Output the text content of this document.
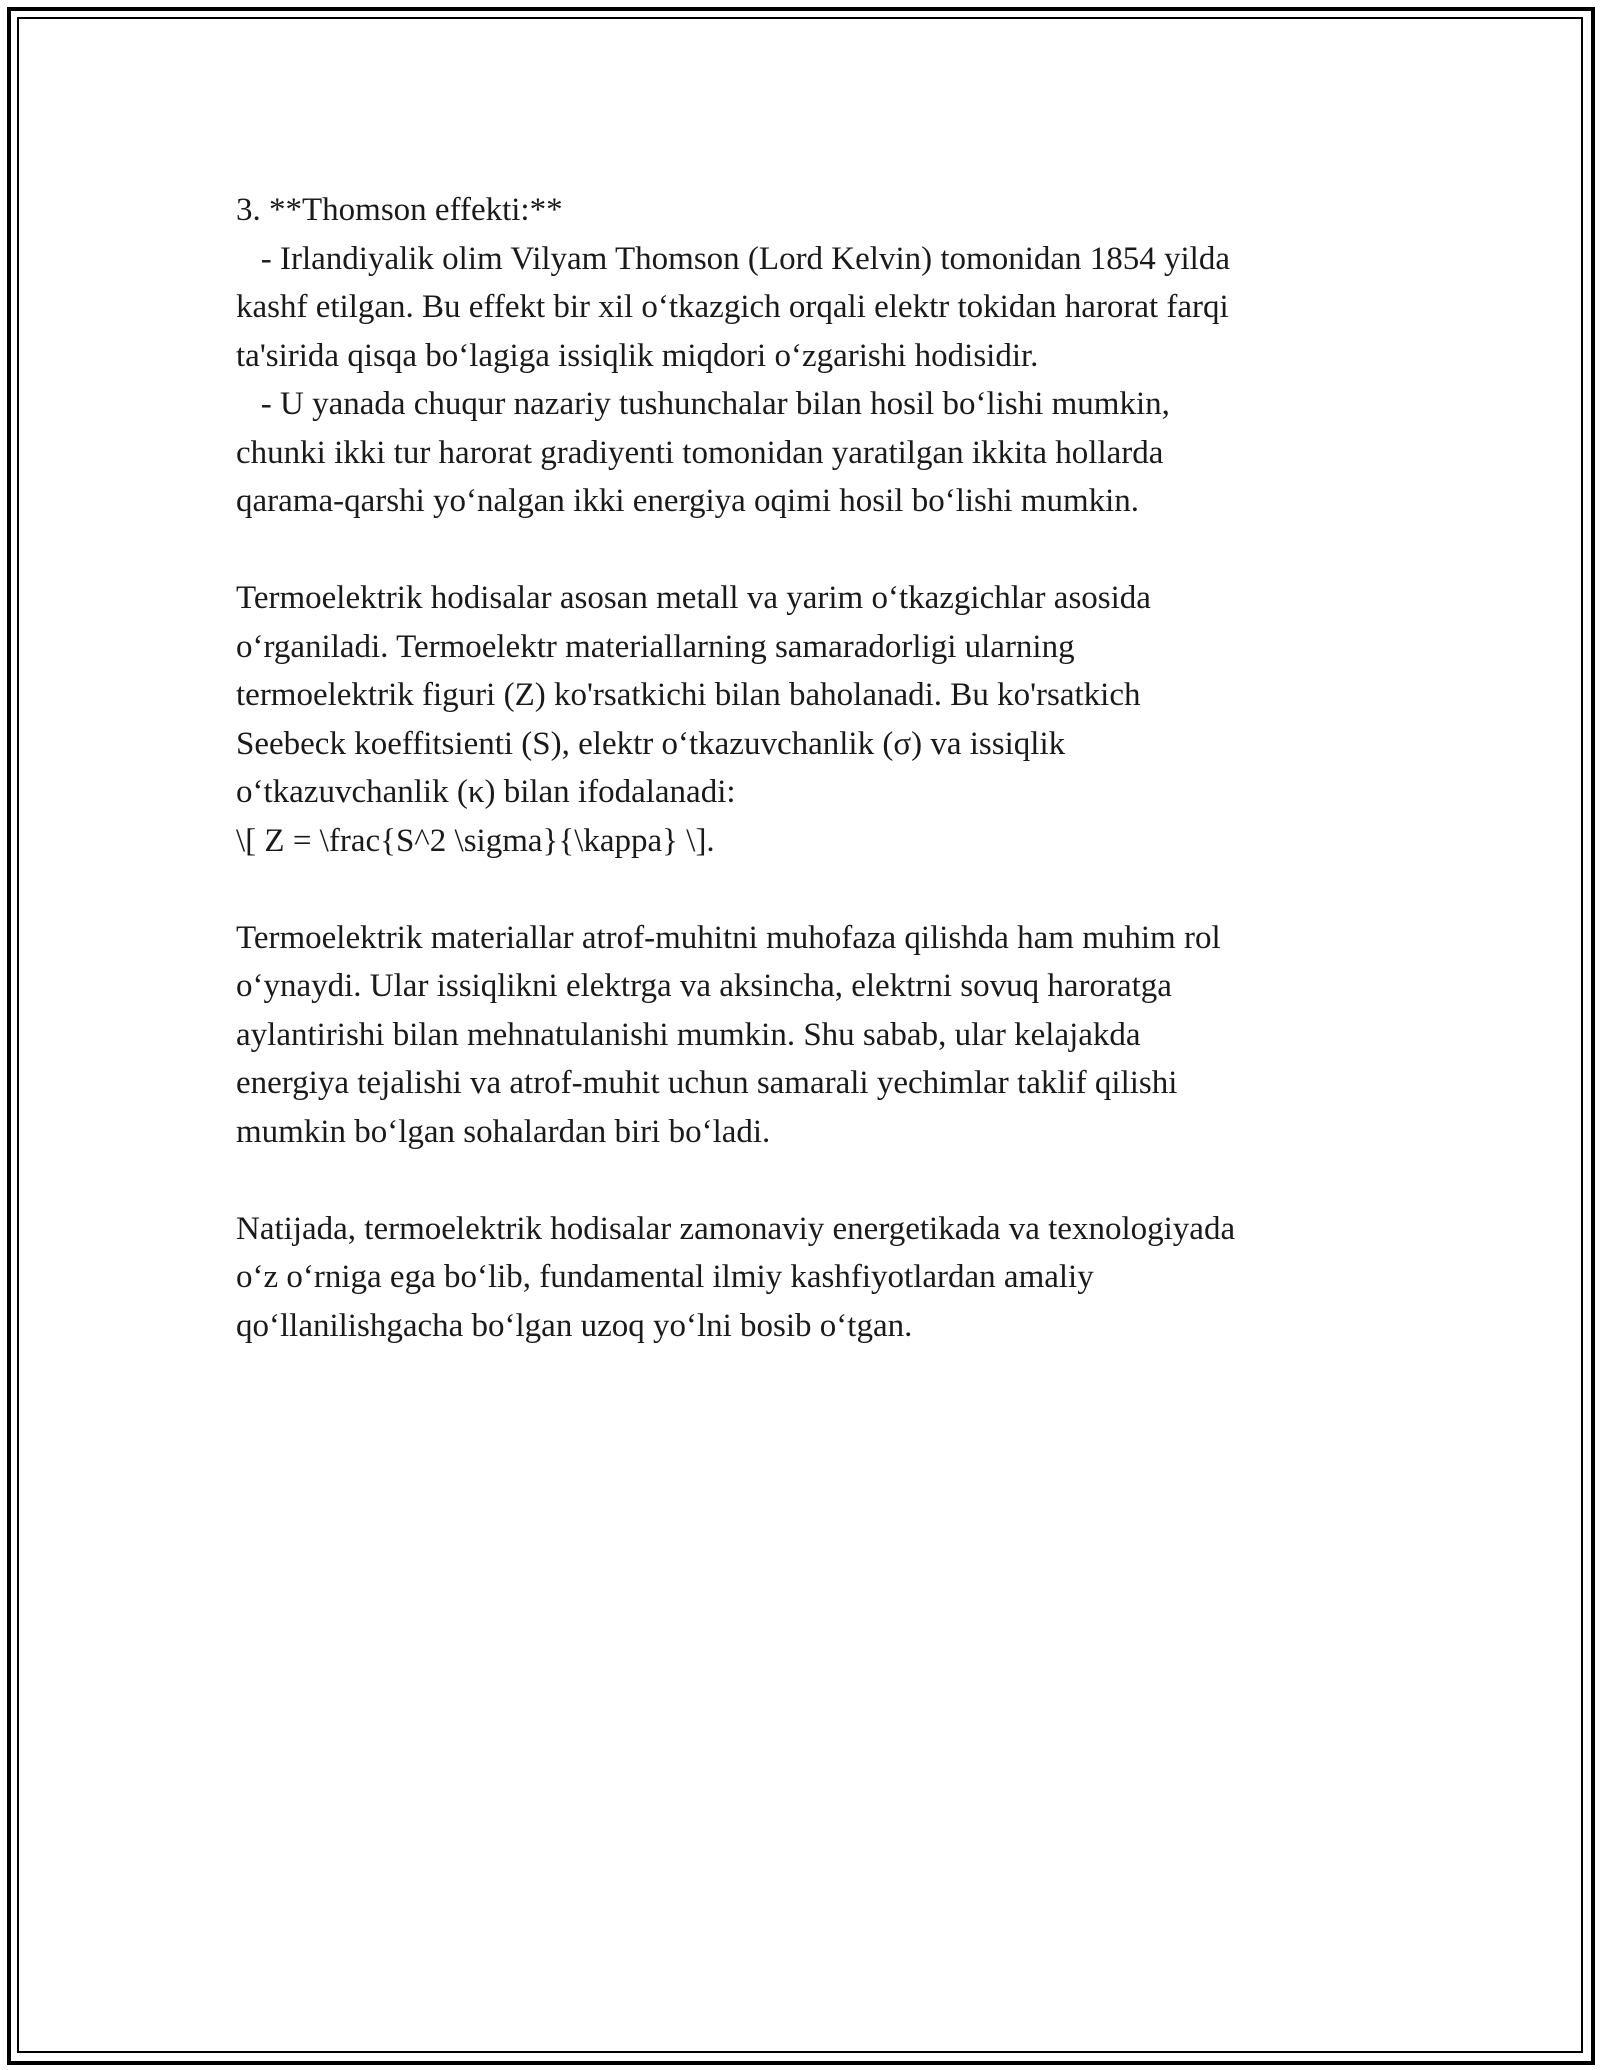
3. **Thomson effekti:**
- Irlandiyalik olim Vilyam Thomson (Lord Kelvin) tomonidan 1854 yilda
kashf etilgan. Bu effekt bir xil o‘tkazgich orqali elektr tokidan harorat farqi
ta'sirida qisqa bo‘lagiga issiqlik miqdori o‘zgarishi hodisidir.
- U yanada chuqur nazariy tushunchalar bilan hosil bo‘lishi mumkin,
chunki ikki tur harorat gradiyenti tomonidan yaratilgan ikkita hollarda
qarama-qarshi yo‘nalgan ikki energiya oqimi hosil bo‘lishi mumkin.
Termoelektrik hodisalar asosan metall va yarim o‘tkazgichlar asosida
o‘rganiladi. Termoelektr materiallarning samaradorligi ularning
termoelektrik figuri (Z) ko'rsatkichi bilan baholanadi. Bu ko'rsatkich
Seebeck koeffitsienti (S), elektr o‘tkazuvchanlik (σ) va issiqlik
o‘tkazuvchanlik (κ) bilan ifodalanadi:
\[ Z = \frac{S^2 \sigma}{\kappa} \].
Termoelektrik materiallar atrof-muhitni muhofaza qilishda ham muhim rol
o‘ynaydi. Ular issiqlikni elektrga va aksincha, elektrni sovuq haroratga
aylantirishi bilan mehnatulanishi mumkin. Shu sabab, ular kelajakda
energiya tejalishi va atrof-muhit uchun samarali yechimlar taklif qilishi
mumkin bo‘lgan sohalardan biri bo‘ladi.
Natijada, termoelektrik hodisalar zamonaviy energetikada va texnologiyada
o‘z o‘rniga ega bo‘lib, fundamental ilmiy kashfiyotlardan amaliy
qo‘llanilishgacha bo‘lgan uzoq yo‘lni bosib o‘tgan.
